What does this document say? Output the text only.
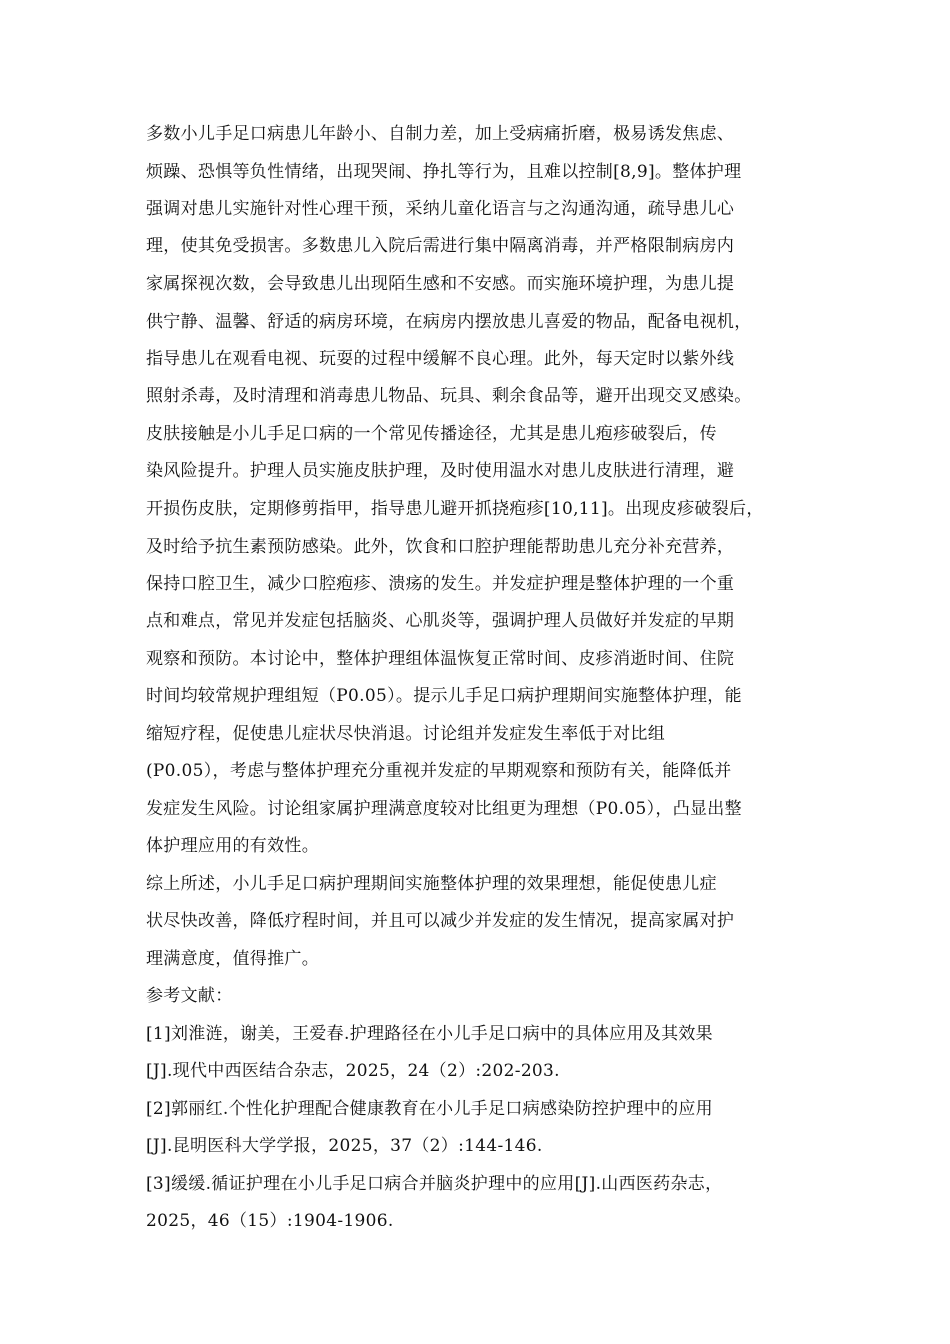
多数小儿手足口病患儿年龄小、自制力差，加上受病痛折磨，极易诱发焦虑、
烦躁、恐惧等负性情绪，出现哭闹、挣扎等行为，且难以控制[8,9]。整体护理
强调对患儿实施针对性心理干预，采纳儿童化语言与之沟通沟通，疏导患儿心
理，使其免受损害。多数患儿入院后需进行集中隔离消毒，并严格限制病房内
家属探视次数，会导致患儿出现陌生感和不安感。而实施环境护理，为患儿提
供宁静、温馨、舒适的病房环境，在病房内摆放患儿喜爱的物品，配备电视机，
指导患儿在观看电视、玩耍的过程中缓解不良心理。此外，每天定时以紫外线
照射杀毒，及时清理和消毒患儿物品、玩具、剩余食品等，避开出现交叉感染。
皮肤接触是小儿手足口病的一个常见传播途径，尤其是患儿疱疹破裂后，传
染风险提升。护理人员实施皮肤护理，及时使用温水对患儿皮肤进行清理，避
开损伤皮肤，定期修剪指甲，指导患儿避开抓挠疱疹[10,11]。出现皮疹破裂后，
及时给予抗生素预防感染。此外，饮食和口腔护理能帮助患儿充分补充营养，
保持口腔卫生，减少口腔疱疹、溃疡的发生。并发症护理是整体护理的一个重
点和难点，常见并发症包括脑炎、心肌炎等，强调护理人员做好并发症的早期
观察和预防。本讨论中，整体护理组体温恢复正常时间、皮疹消逝时间、住院
时间均较常规护理组短（P0.05）。提示儿手足口病护理期间实施整体护理，能
缩短疗程，促使患儿症状尽快消退。讨论组并发症发生率低于对比组
(P0.05），考虑与整体护理充分重视并发症的早期观察和预防有关，能降低并
发症发生风险。讨论组家属护理满意度较对比组更为理想（P0.05），凸显出整
体护理应用的有效性。
综上所述，小儿手足口病护理期间实施整体护理的效果理想，能促使患儿症
状尽快改善，降低疗程时间，并且可以减少并发症的发生情况，提高家属对护
理满意度，值得推广。
参考文献：
[1]刘淮涟，谢美，王爱春.护理路径在小儿手足口病中的具体应用及其效果
[J].现代中西医结合杂志，2025，24（2）:202-203.
[2]郭丽红.个性化护理配合健康教育在小儿手足口病感染防控护理中的应用
[J].昆明医科大学学报，2025，37（2）:144-146.
[3]缓缓.循证护理在小儿手足口病合并脑炎护理中的应用[J].山西医药杂志，
2025，46（15）:1904-1906.
